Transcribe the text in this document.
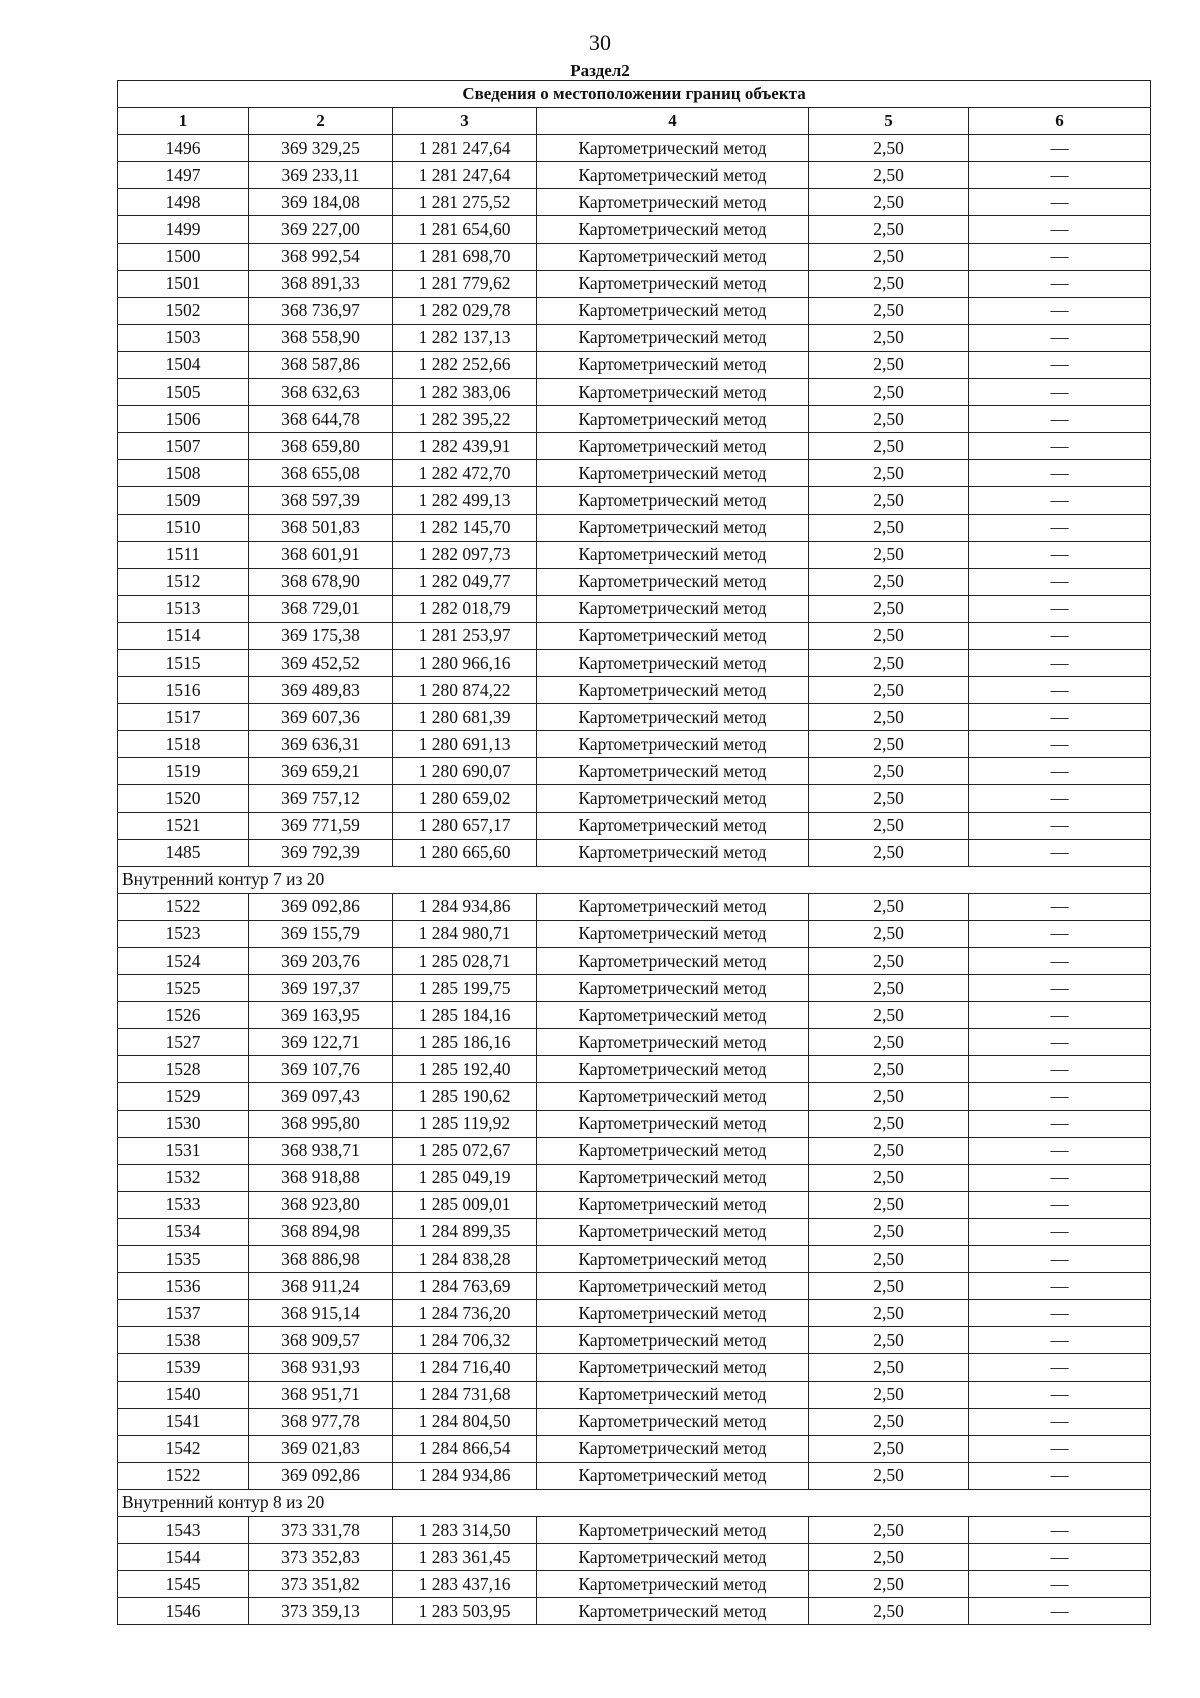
30
Раздел2
Сведения о местоположении границ объекта					
1	2	3	4	5	6
1496	369 329,25	1 281 247,64	Картометрический метод	2,50	—
1497	369 233,11	1 281 247,64	Картометрический метод	2,50	—
1498	369 184,08	1 281 275,52	Картометрический метод	2,50	—
1499	369 227,00	1 281 654,60	Картометрический метод	2,50	—
1500	368 992,54	1 281 698,70	Картометрический метод	2,50	—
1501	368 891,33	1 281 779,62	Картометрический метод	2,50	—
1502	368 736,97	1 282 029,78	Картометрический метод	2,50	—
1503	368 558,90	1 282 137,13	Картометрический метод	2,50	—
1504	368 587,86	1 282 252,66	Картометрический метод	2,50	—
1505	368 632,63	1 282 383,06	Картометрический метод	2,50	—
1506	368 644,78	1 282 395,22	Картометрический метод	2,50	—
1507	368 659,80	1 282 439,91	Картометрический метод	2,50	—
1508	368 655,08	1 282 472,70	Картометрический метод	2,50	—
1509	368 597,39	1 282 499,13	Картометрический метод	2,50	—
1510	368 501,83	1 282 145,70	Картометрический метод	2,50	—
1511	368 601,91	1 282 097,73	Картометрический метод	2,50	—
1512	368 678,90	1 282 049,77	Картометрический метод	2,50	—
1513	368 729,01	1 282 018,79	Картометрический метод	2,50	—
1514	369 175,38	1 281 253,97	Картометрический метод	2,50	—
1515	369 452,52	1 280 966,16	Картометрический метод	2,50	—
1516	369 489,83	1 280 874,22	Картометрический метод	2,50	—
1517	369 607,36	1 280 681,39	Картометрический метод	2,50	—
1518	369 636,31	1 280 691,13	Картометрический метод	2,50	—
1519	369 659,21	1 280 690,07	Картометрический метод	2,50	—
1520	369 757,12	1 280 659,02	Картометрический метод	2,50	—
1521	369 771,59	1 280 657,17	Картометрический метод	2,50	—
1485	369 792,39	1 280 665,60	Картометрический метод	2,50	—
Внутренний контур 7 из 20					
1522	369 092,86	1 284 934,86	Картометрический метод	2,50	—
1523	369 155,79	1 284 980,71	Картометрический метод	2,50	—
1524	369 203,76	1 285 028,71	Картометрический метод	2,50	—
1525	369 197,37	1 285 199,75	Картометрический метод	2,50	—
1526	369 163,95	1 285 184,16	Картометрический метод	2,50	—
1527	369 122,71	1 285 186,16	Картометрический метод	2,50	—
1528	369 107,76	1 285 192,40	Картометрический метод	2,50	—
1529	369 097,43	1 285 190,62	Картометрический метод	2,50	—
1530	368 995,80	1 285 119,92	Картометрический метод	2,50	—
1531	368 938,71	1 285 072,67	Картометрический метод	2,50	—
1532	368 918,88	1 285 049,19	Картометрический метод	2,50	—
1533	368 923,80	1 285 009,01	Картометрический метод	2,50	—
1534	368 894,98	1 284 899,35	Картометрический метод	2,50	—
1535	368 886,98	1 284 838,28	Картометрический метод	2,50	—
1536	368 911,24	1 284 763,69	Картометрический метод	2,50	—
1537	368 915,14	1 284 736,20	Картометрический метод	2,50	—
1538	368 909,57	1 284 706,32	Картометрический метод	2,50	—
1539	368 931,93	1 284 716,40	Картометрический метод	2,50	—
1540	368 951,71	1 284 731,68	Картометрический метод	2,50	—
1541	368 977,78	1 284 804,50	Картометрический метод	2,50	—
1542	369 021,83	1 284 866,54	Картометрический метод	2,50	—
1522	369 092,86	1 284 934,86	Картометрический метод	2,50	—
Внутренний контур 8 из 20					
1543	373 331,78	1 283 314,50	Картометрический метод	2,50	—
1544	373 352,83	1 283 361,45	Картометрический метод	2,50	—
1545	373 351,82	1 283 437,16	Картометрический метод	2,50	—
1546	373 359,13	1 283 503,95	Картометрический метод	2,50	—
